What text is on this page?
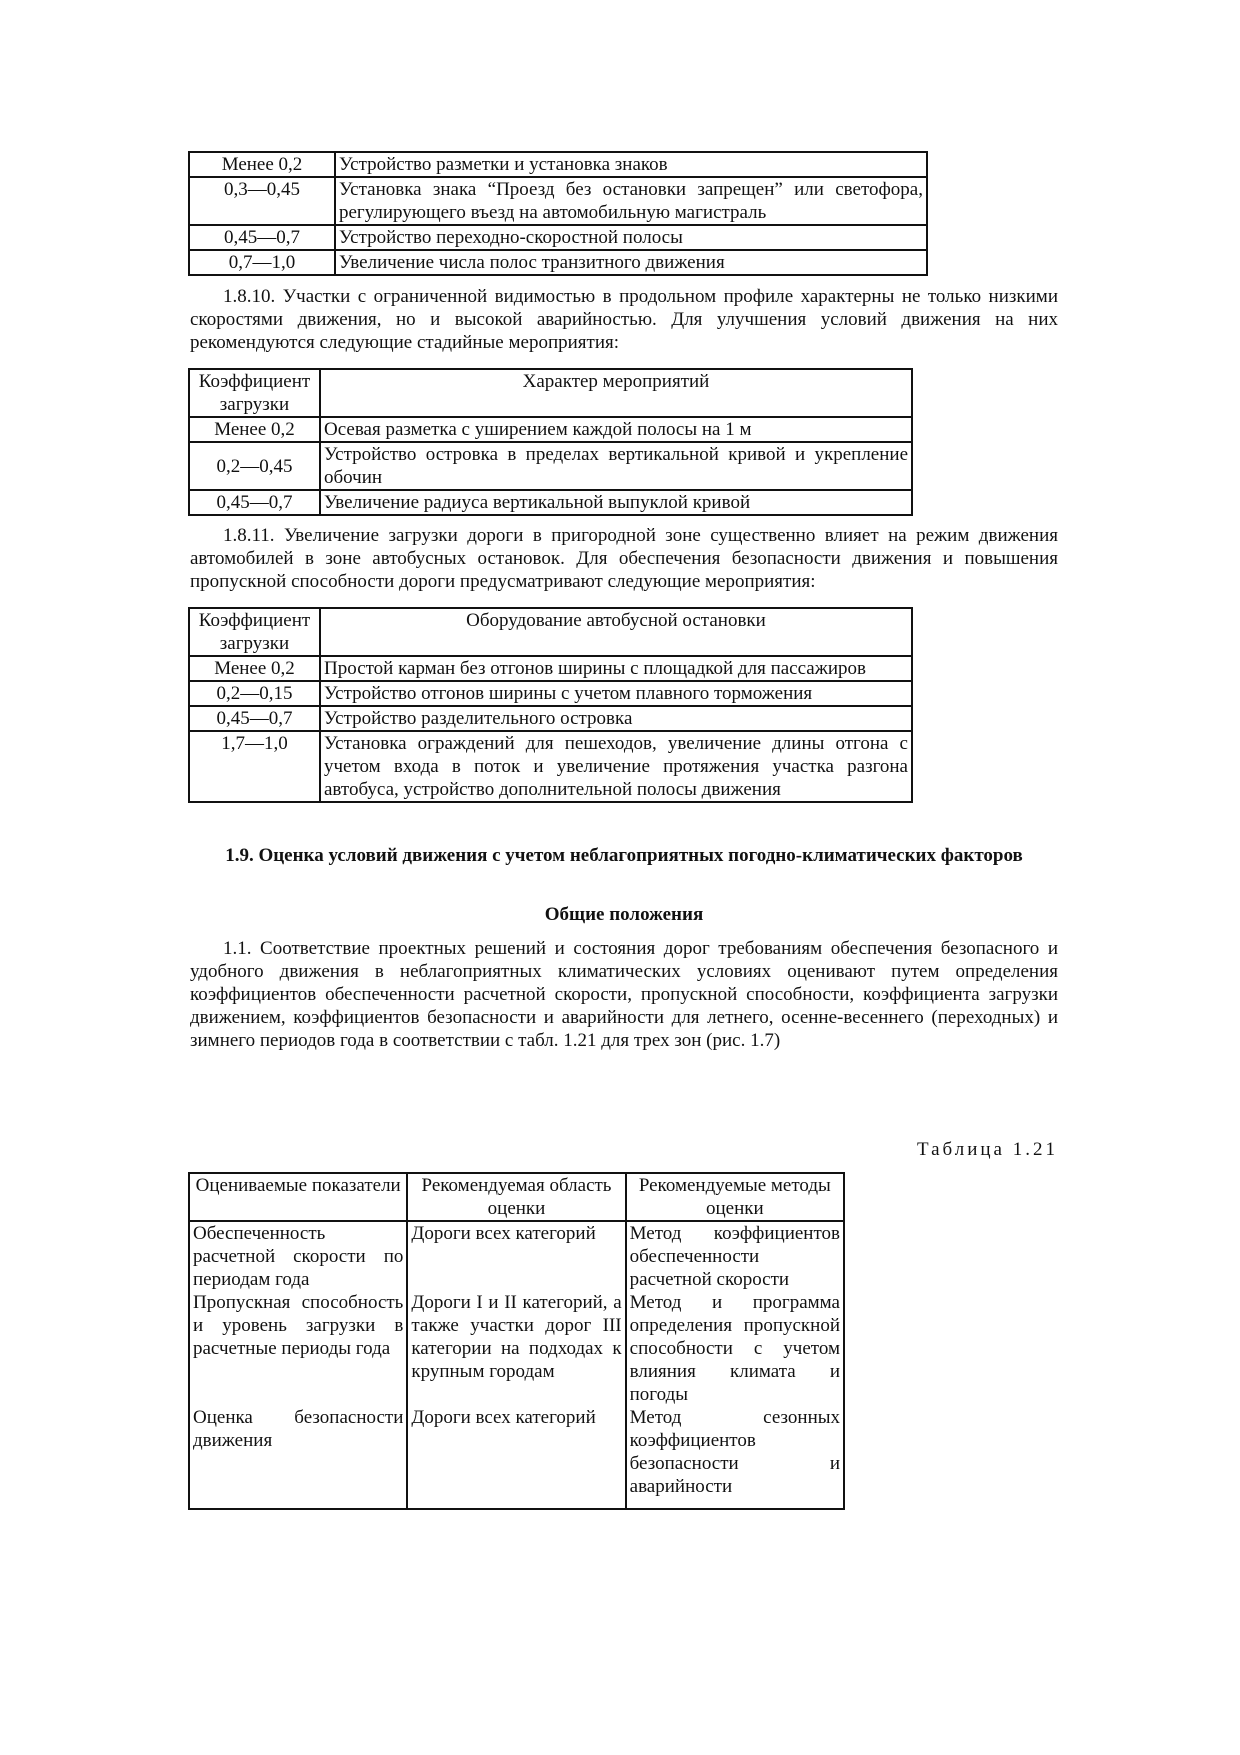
Менее 0,2	Устройство разметки и установка знаков
0,3—0,45	Установка знака “Проезд без остановки запрещен” или светофора, регулирующего въезд на автомобильную магистраль
0,45—0,7	Устройство переходно-скоростной полосы
0,7—1,0	Увеличение числа полос транзитного движения

1.8.10. Участки с ограниченной видимостью в продольном профиле характерны не только низкими скоростями движения, но и высокой аварийностью. Для улучшения условий движения на них рекомендуются следующие стадийные мероприятия:

Коэффициент загрузки	Характер мероприятий
Менее 0,2	Осевая разметка с уширением каждой полосы на 1 м
0,2—0,45	Устройство островка в пределах вертикальной кривой и укрепление обочин
0,45—0,7	Увеличение радиуса вертикальной выпуклой кривой

1.8.11. Увеличение загрузки дороги в пригородной зоне существенно влияет на режим движения автомобилей в зоне автобусных остановок. Для обеспечения безопасности движения и повышения пропускной способности дороги предусматривают следующие мероприятия:

Коэффициент загрузки	Оборудование автобусной остановки
Менее 0,2	Простой карман без отгонов ширины с площадкой для пассажиров
0,2—0,15	Устройство отгонов ширины с учетом плавного торможения
0,45—0,7	Устройство разделительного островка
1,7—1,0	Установка ограждений для пешеходов, увеличение длины отгона с учетом входа в поток и увеличение протяжения участка разгона автобуса, устройство дополнительной полосы движения
1.9. Оценка условий движения с учетом неблагоприятных погодно-климатических факторов
Общие положения

1.1. Соответствие проектных решений и состояния дорог требованиям обеспечения безопасного и удобного движения в неблагоприятных климатических условиях оценивают путем определения коэффициентов обеспеченности расчетной скорости, пропускной способности, коэффициента загрузки движением, коэффициентов безопасности и аварийности для летнего, осенне-весеннего (переходных) и зимнего периодов года в соответствии с табл. 1.21 для трех зон (рис. 1.7)

Таблица 1.21
Оцениваемые показатели	Рекомендуемая область оценки	Рекомендуемые методы оценки
Обеспеченность расчетной скорости по периодам года	Дороги всех категорий	Метод коэффициентов обеспеченности расчетной скорости
Пропускная способность и уровень загрузки в расчетные периоды года	Дороги I и II категорий, а также участки дорог III категории на подходах к крупным городам	Метод и программа определения пропускной способности с учетом влияния климата и погоды
Оценка безопасности движения	Дороги всех категорий	Метод сезонных коэффициентов безопасности и аварийности
